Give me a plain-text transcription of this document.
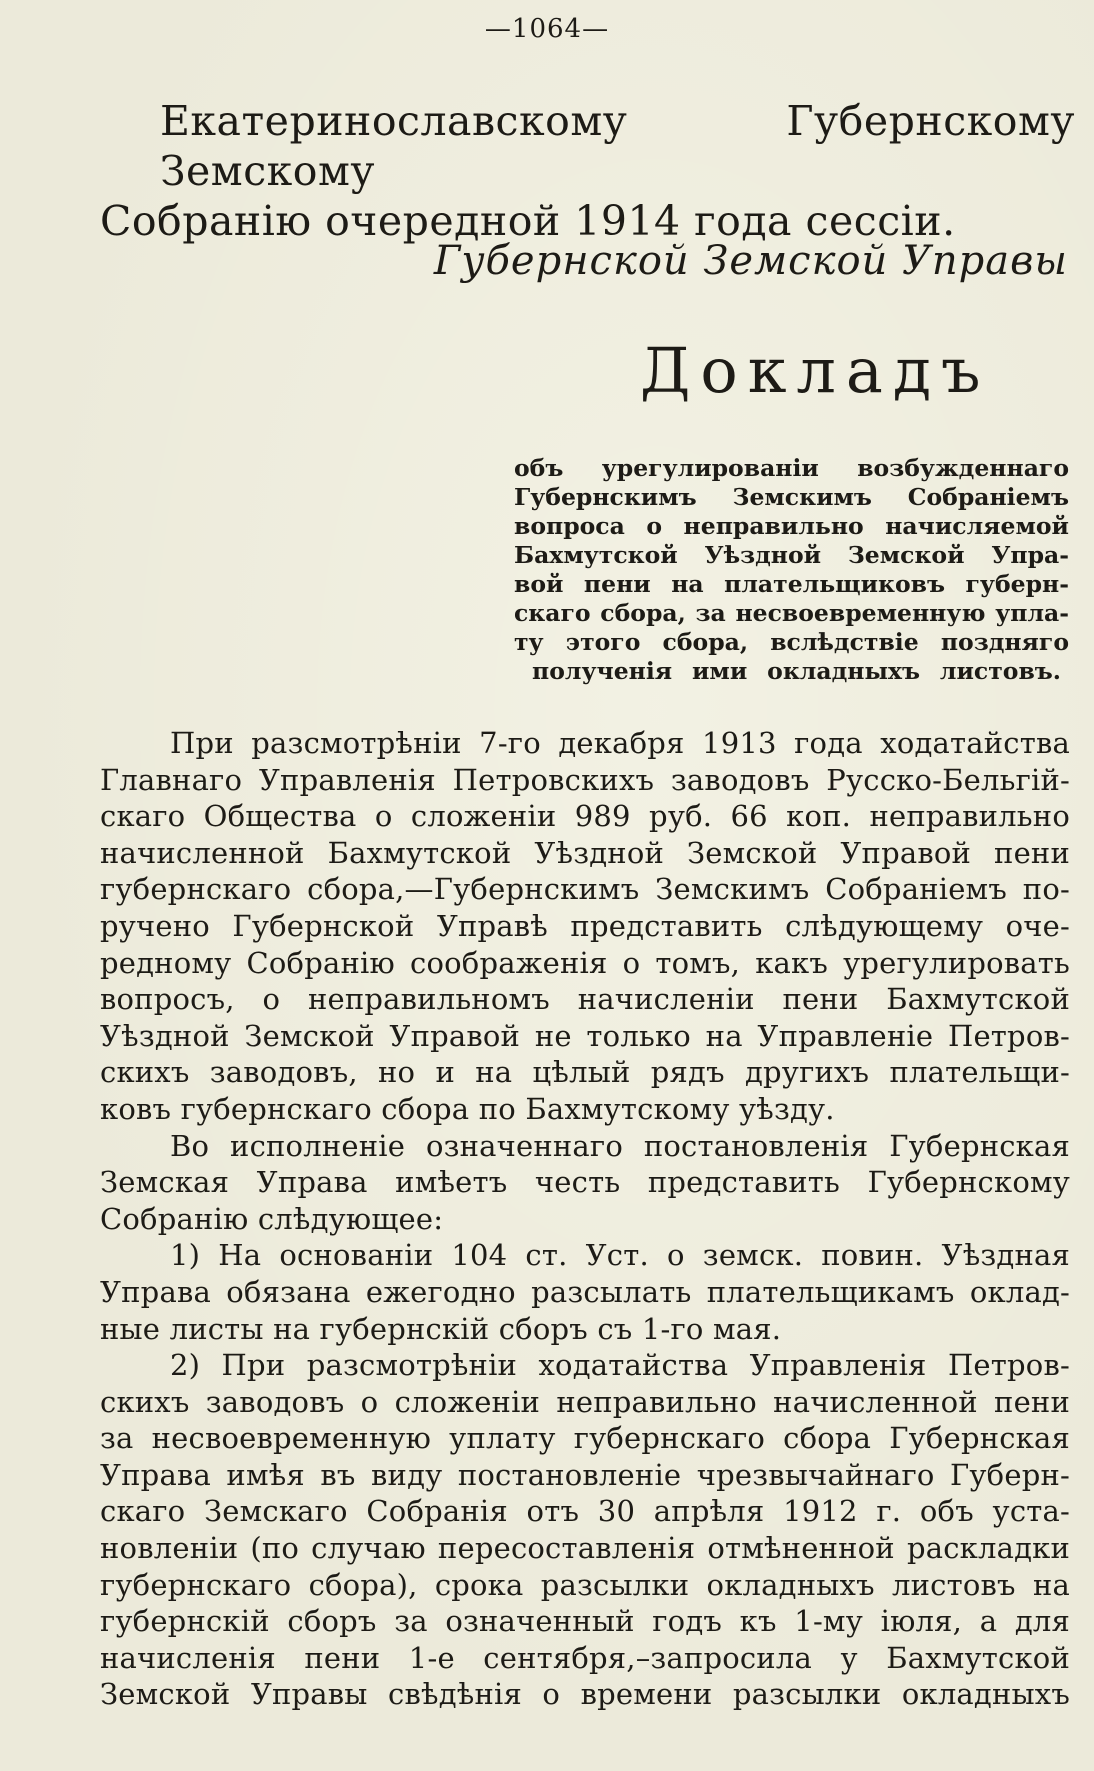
—1064—
Екатеринославскому Губернскому Земскому
Собранію очередной 1914 года сессіи.
Губернской Земской Управы
Докладъ
объ урегулированіи возбужденнаго
Губернскимъ Земскимъ Собраніемъ
вопроса о неправильно начисляемой
Бахмутской Уѣздной Земской Упра-
вой пени на плательщиковъ губерн-
скаго сбора, за несвоевременную упла-
ту этого сбора, вслѣдствіе поздняго
полученія ими окладныхъ листовъ.
При разсмотрѣніи 7-го декабря 1913 года ходатайства
Главнаго Управленія Петровскихъ заводовъ Русско-Бельгій-
скаго Общества о сложеніи 989 руб. 66 коп. неправильно
начисленной Бахмутской Уѣздной Земской Управой пени
губернскаго сбора,—Губернскимъ Земскимъ Собраніемъ по-
ручено Губернской Управѣ представить слѣдующему оче-
редному Собранію соображенія о томъ, какъ урегулировать
вопросъ, о неправильномъ начисленіи пени Бахмутской
Уѣздной Земской Управой не только на Управленіе Петров-
скихъ заводовъ, но и на цѣлый рядъ другихъ плательщи-
ковъ губернскаго сбора по Бахмутскому уѣзду.
Во исполненіе означеннаго постановленія Губернская
Земская Управа имѣетъ честь представить Губернскому
Собранію слѣдующее:
1) На основаніи 104 ст. Уст. о земск. повин. Уѣздная
Управа обязана ежегодно разсылать плательщикамъ оклад-
ные листы на губернскій сборъ съ 1-го мая.
2) При разсмотрѣніи ходатайства Управленія Петров-
скихъ заводовъ о сложеніи неправильно начисленной пени
за несвоевременную уплату губернскаго сбора Губернская
Управа имѣя въ виду постановленіе чрезвычайнаго Губерн-
скаго Земскаго Собранія отъ 30 апрѣля 1912 г. объ уста-
новленіи (по случаю пересоставленія отмѣненной раскладки
губернскаго сбора), срока разсылки окладныхъ листовъ на
губернскій сборъ за означенный годъ къ 1-му іюля, а для
начисленія пени 1-е сентября,–запросила у Бахмутской
Земской Управы свѣдѣнія о времени разсылки окладныхъ
